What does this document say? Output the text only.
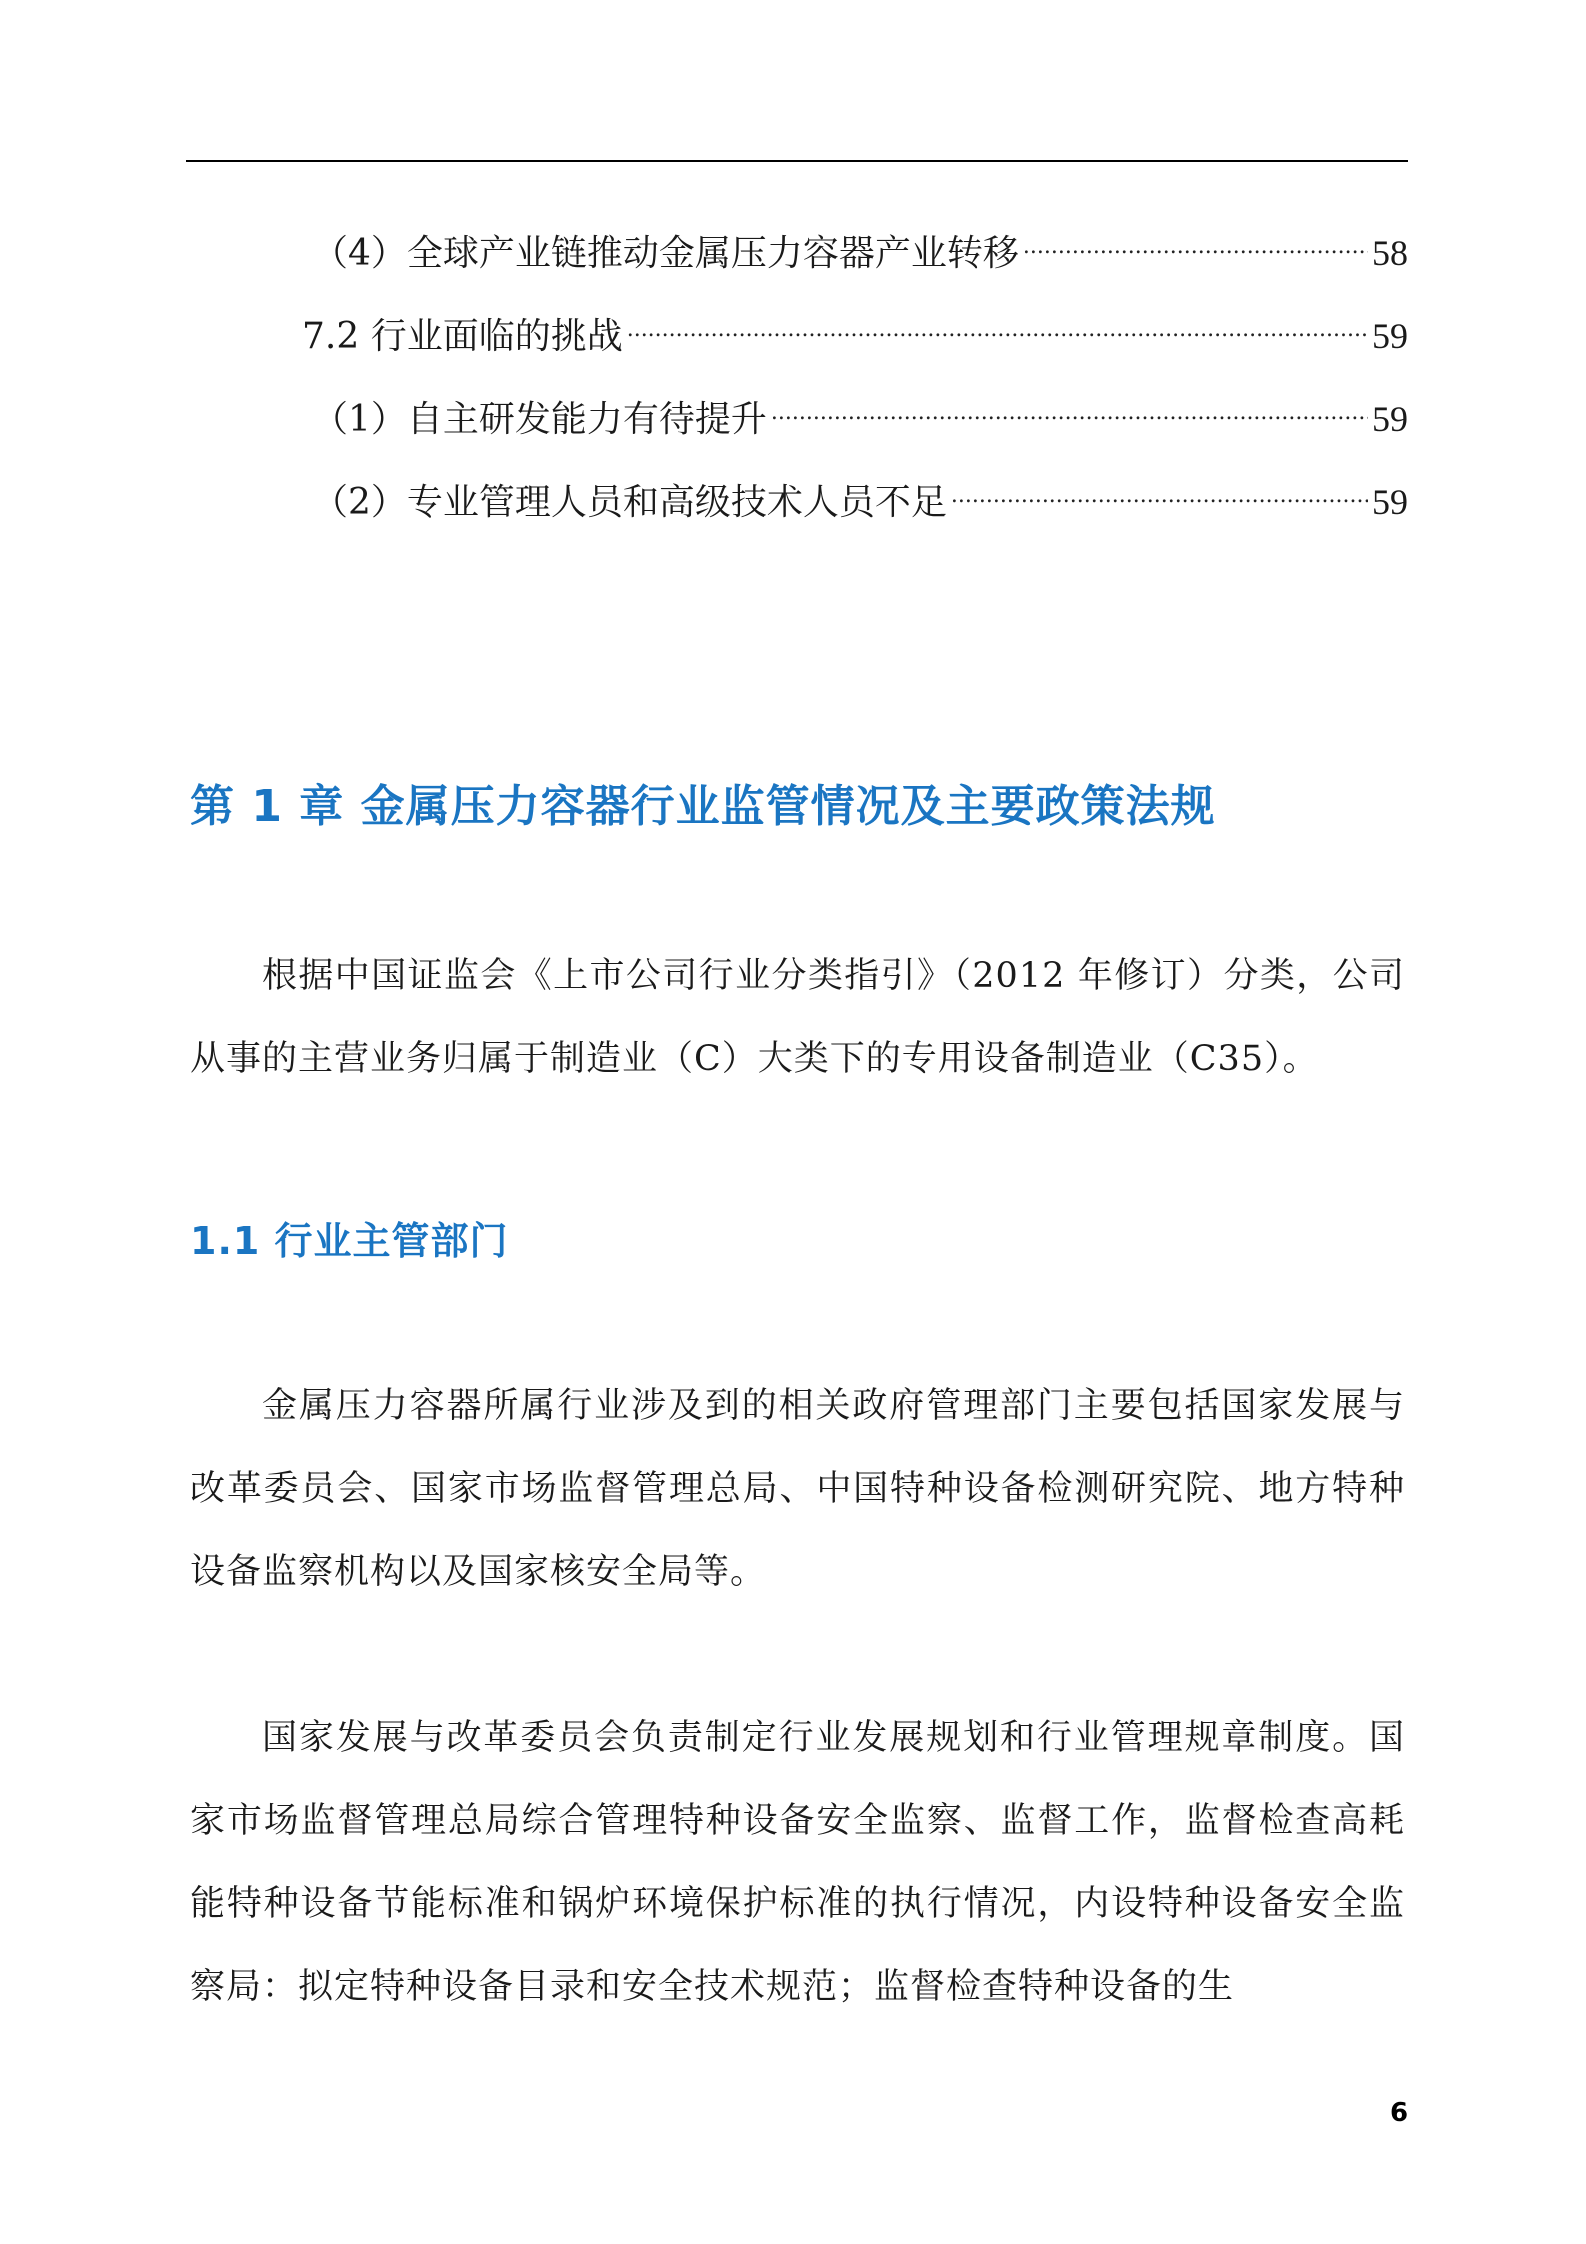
（4）全球产业链推动金属压力容器产业转移 .....	58
7.2 行业面临的挑战 .....	59
（1）自主研发能力有待提升 .....	59
（2）专业管理人员和高级技术人员不足 .....	59
第 1 章 金属压力容器行业监管情况及主要政策法规

根据中国证监会《上市公司行业分类指引》（2012 年修订）分类，公司从事的主营业务归属于制造业（C）大类下的专用设备制造业（C35）。

1.1 行业主管部门

金属压力容器所属行业涉及到的相关政府管理部门主要包括国家发展与改革委员会、国家市场监督管理总局、中国特种设备检测研究院、地方特种设备监察机构以及国家核安全局等。

国家发展与改革委员会负责制定行业发展规划和行业管理规章制度。国家市场监督管理总局综合管理特种设备安全监察、监督工作，监督检查高耗能特种设备节能标准和锅炉环境保护标准的执行情况，内设特种设备安全监察局：拟定特种设备目录和安全技术规范；监督检查特种设备的生

6
